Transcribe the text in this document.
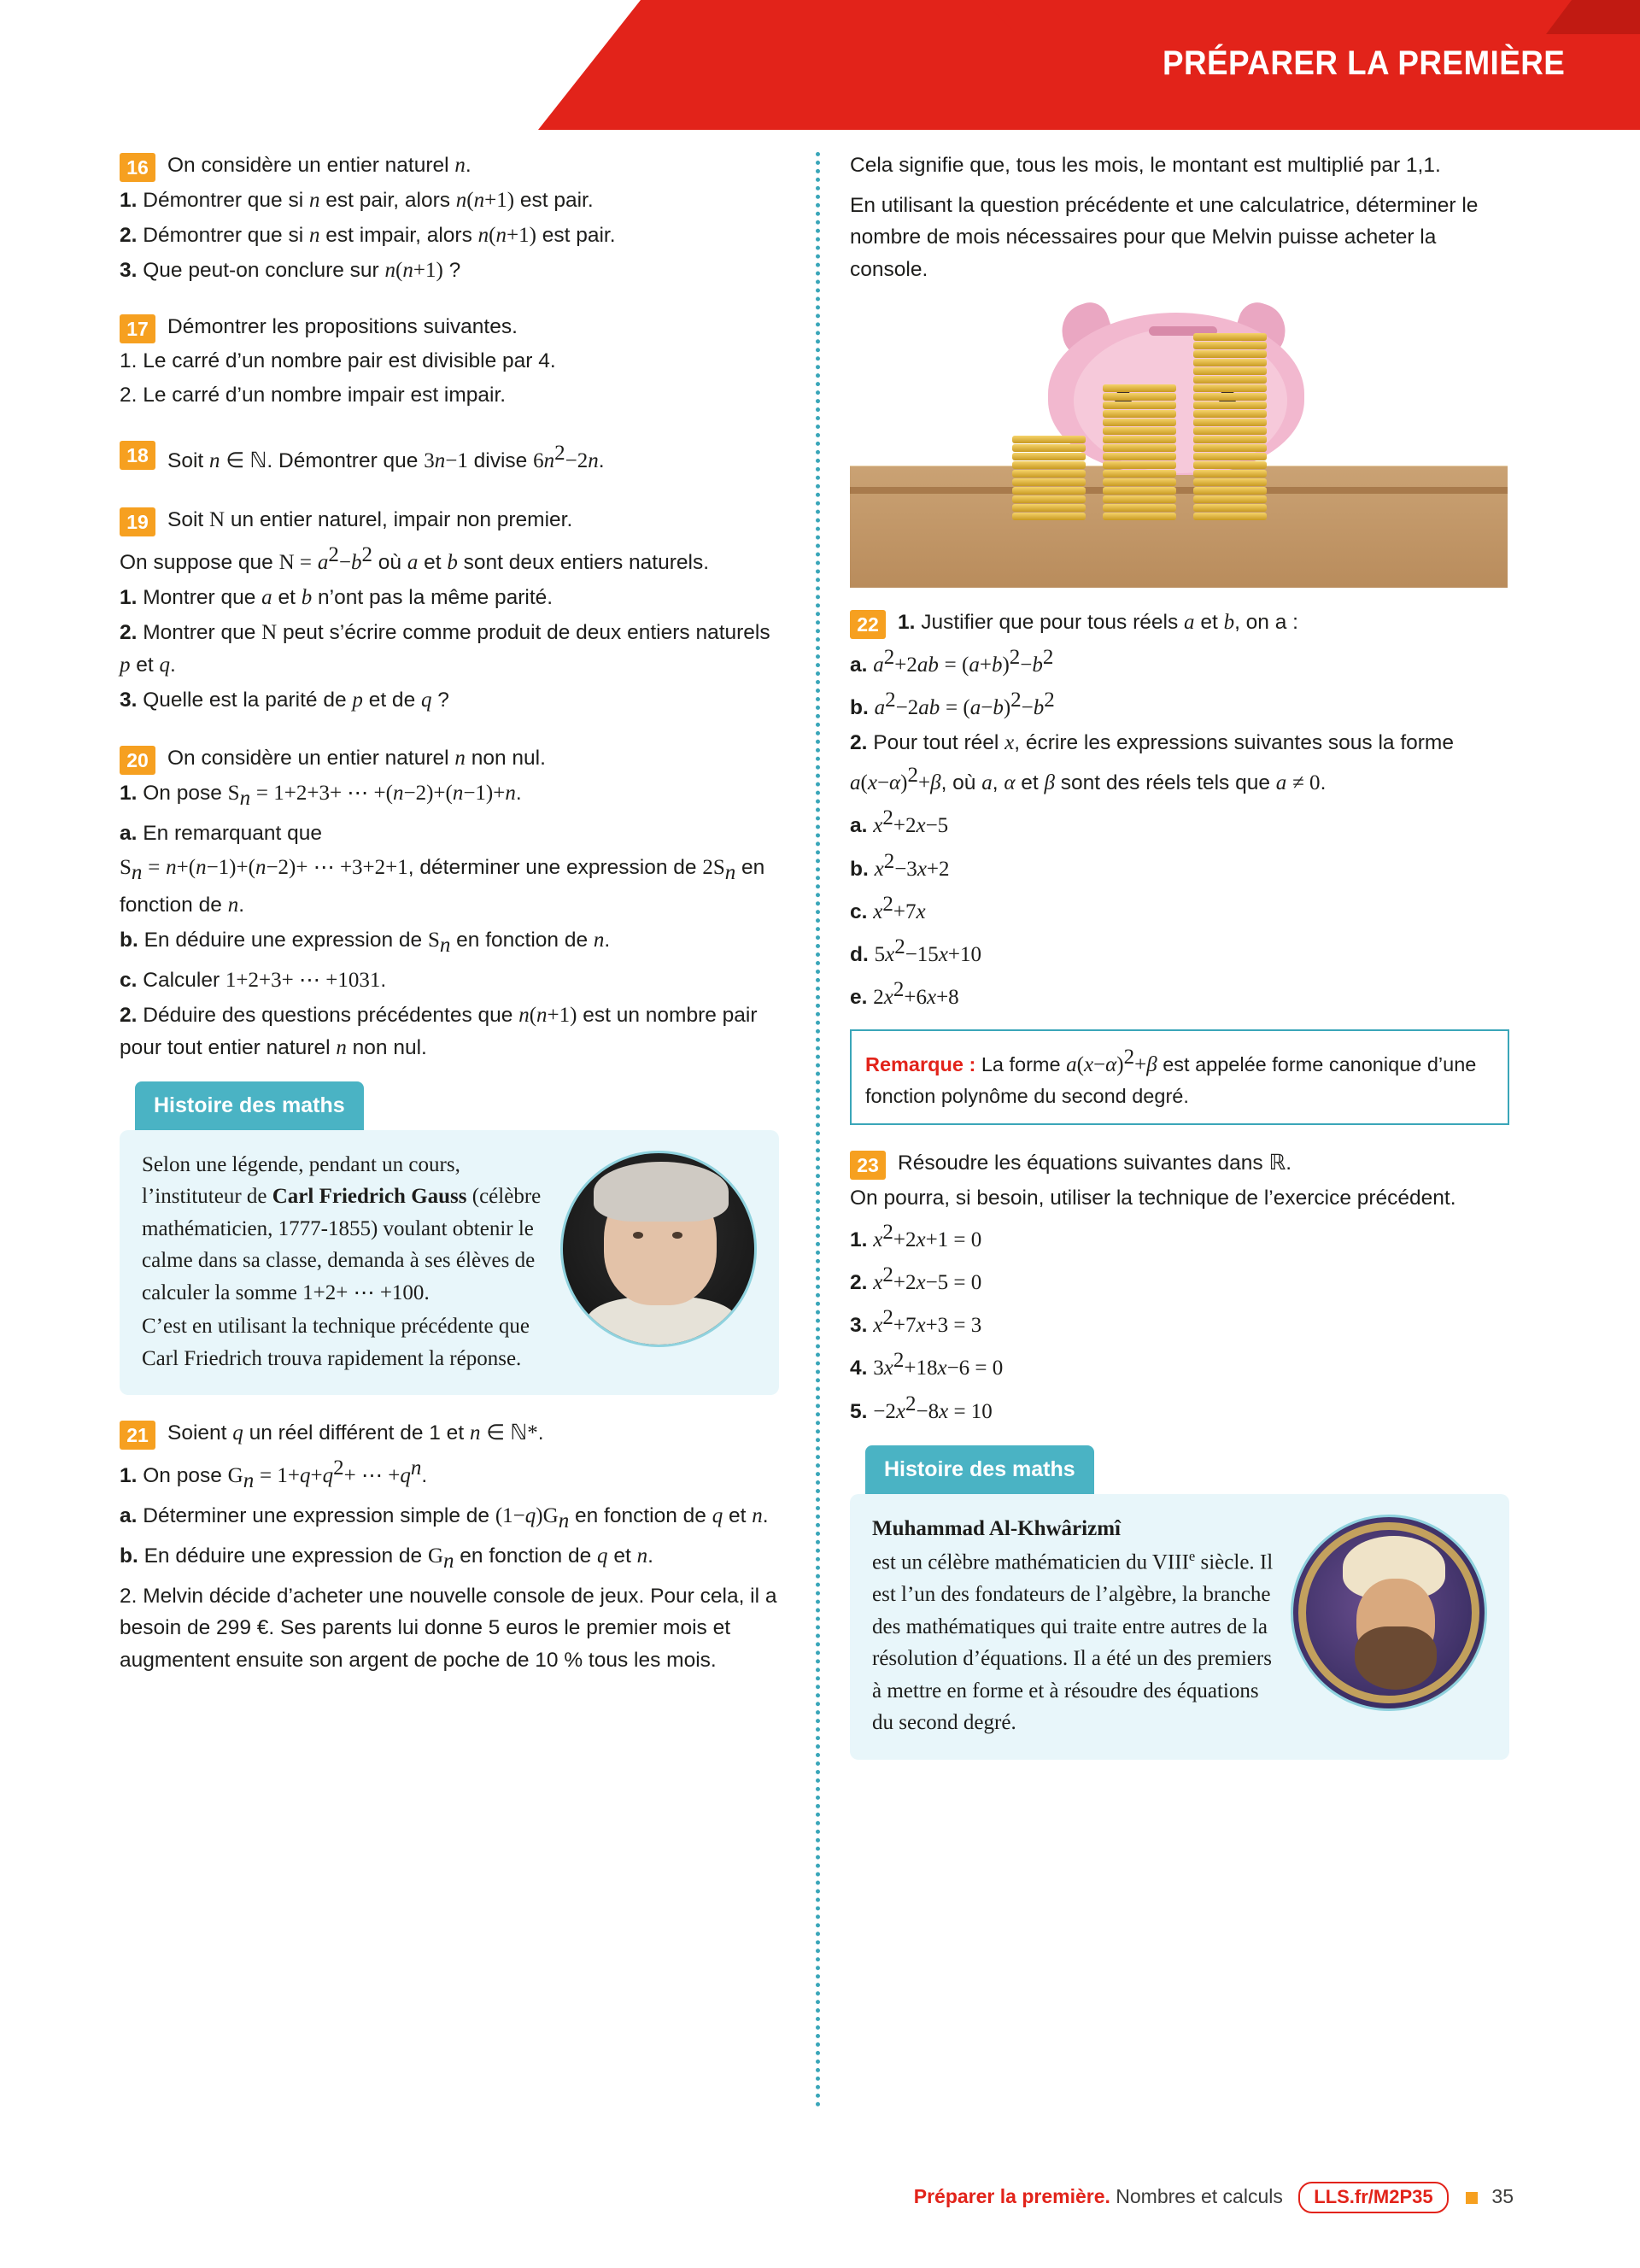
PRÉPARER LA PREMIÈRE
16 On considère un entier naturel n.

1. Démontrer que si n est pair, alors n(n+1) est pair.

2. Démontrer que si n est impair, alors n(n+1) est pair.

3. Que peut-on conclure sur n(n+1) ?

17 Démontrer les propositions suivantes.

1. Le carré d’un nombre pair est divisible par 4.

2. Le carré d’un nombre impair est impair.

18 Soit n ∈ ℕ. Démontrer que 3n−1 divise $6n^2-2n$.

19 Soit N un entier naturel, impair non premier.

On suppose que $N = a^2-b^2$ où a et b sont deux entiers naturels.

1. Montrer que a et b n’ont pas la même parité.

2. Montrer que N peut s’écrire comme produit de deux entiers naturels p et q.

3. Quelle est la parité de p et de q ?

20 On considère un entier naturel n non nul.

1. On pose $S_n = 1+2+3+$ ⋯ +(n−2)+(n−1)+n.

a. En remarquant que

$S_n = n+(n-1)+(n-2)+$ ⋯ +3+2+1, déterminer une expression de $2S_n$ en fonction de n.

b. En déduire une expression de $S_n$ en fonction de n.

c. Calculer 1+2+3+ ⋯ +1031.

2. Déduire des questions précédentes que n(n+1) est un nombre pair pour tout entier naturel n non nul.

Histoire des maths

Selon une légende, pendant un cours, l’instituteur de Carl Friedrich Gauss (célèbre mathématicien, 1777-1855) voulant obtenir le calme dans sa classe, demanda à ses élèves de calculer la somme 1+2+ ⋯ +100.

C’est en utilisant la technique précédente que Carl Friedrich trouva rapidement la réponse.

21 Soient q un réel différent de 1 et n ∈ ℕ*.

1. On pose $G_n = 1+q+q^2+$ ⋯ $+q^n$.

a. Déterminer une expression simple de $(1-q)G_n$ en fonction de q et n.

b. En déduire une expression de $G_n$ en fonction de q et n.

2. Melvin décide d’acheter une nouvelle console de jeux. Pour cela, il a besoin de 299 €. Ses parents lui donne 5 euros le premier mois et augmentent ensuite son argent de poche de 10 % tous les mois.

Cela signifie que, tous les mois, le montant est multiplié par 1,1.

En utilisant la question précédente et une calculatrice, déterminer le nombre de mois nécessaires pour que Melvin puisse acheter la console.

22 1. Justifier que pour tous réels a et b, on a :

a. $a^2+2ab = (a+b)^2-b^2$

b. $a^2-2ab = (a-b)^2-b^2$

2. Pour tout réel x, écrire les expressions suivantes sous la forme $a(x-\alpha)^2+\beta$, où a, α et β sont des réels tels que a ≠ 0.

a. $x^2+2x-5$

b. $x^2-3x+2$

c. $x^2+7x$

d. $5x^2-15x+10$

e. $2x^2+6x+8$

Remarque : La forme $a(x-\alpha)^2+\beta$ est appelée forme canonique d’une fonction polynôme du second degré.
23 Résoudre les équations suivantes dans ℝ.

On pourra, si besoin, utiliser la technique de l’exercice précédent.

1. $x^2+2x+1 = 0$

2. $x^2+2x-5 = 0$

3. $x^2+7x+3 = 3$

4. $3x^2+18x-6 = 0$

5. $-2x^2-8x = 10$

Histoire des maths

Muhammad Al-Khwârizmî

est un célèbre mathématicien du VIIIe siècle. Il est l’un des fondateurs de l’algèbre, la branche des mathématiques qui traite entre autres de la résolution d’équations. Il a été un des premiers à mettre en forme et à résoudre des équations du second degré.

Préparer la première. Nombres et calculs LLS.fr/M2P35	35
